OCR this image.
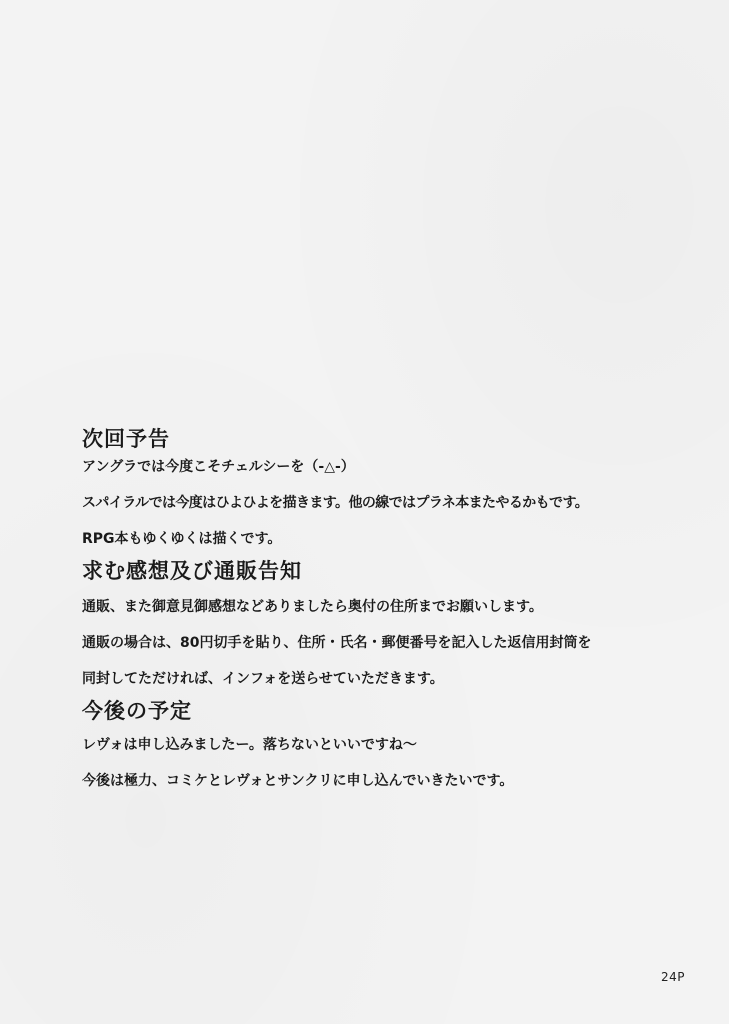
次回予告

アングラでは今度こそチェルシーを（-△-）

スパイラルでは今度はひよひよを描きます。他の線ではプラネ本またやるかもです。

RPG本もゆくゆくは描くです。

求む感想及び通販告知

通販、また御意見御感想などありましたら奥付の住所までお願いします。

通販の場合は、80円切手を貼り、住所・氏名・郵便番号を記入した返信用封筒を

同封してただければ、インフォを送らせていただきます。

今後の予定

レヴォは申し込みましたー。落ちないといいですね～

今後は極力、コミケとレヴォとサンクリに申し込んでいきたいです。

24P
